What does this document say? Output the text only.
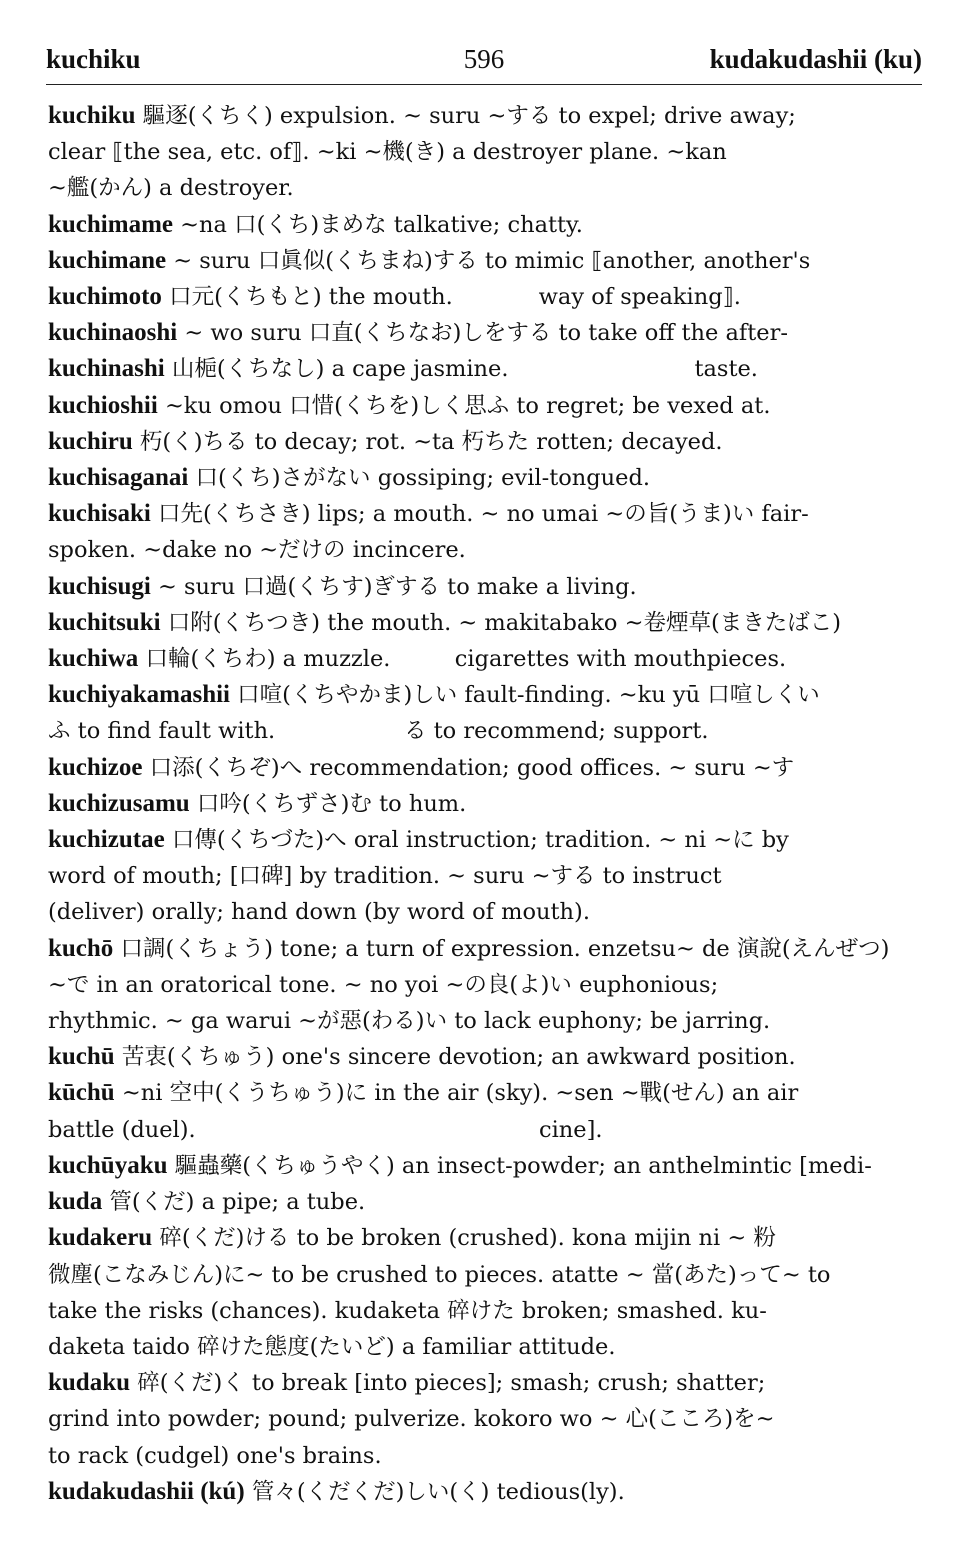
kuchiku	596	kudakudashii (ku)
kuchiku 驅逐(くちく) expulsion. ~ suru ~する to expel; drive away;
clear ⟦the sea, etc. of⟧. ~ki ~機(き) a destroyer plane. ~kan
~艦(かん) a destroyer.
kuchimame ~na 口(くち)まめな talkative; chatty.
kuchimane ~ suru 口眞似(くちまね)する to mimic ⟦another, another's
kuchimoto 口元(くちもと) the mouth.            way of speaking⟧.
kuchinaoshi ~ wo suru 口直(くちなお)しをする to take off the after-
kuchinashi 山梔(くちなし) a cape jasmine.                          taste.
kuchioshii ~ku omou 口惜(くちを)しく思ふ to regret; be vexed at.
kuchiru 朽(く)ちる to decay; rot. ~ta 朽ちた rotten; decayed.
kuchisaganai 口(くち)さがない gossiping; evil-tongued.
kuchisaki 口先(くちさき) lips; a mouth. ~ no umai ~の旨(うま)い fair-
spoken. ~dake no ~だけの incincere.
kuchisugi ~ suru 口過(くちす)ぎする to make a living.
kuchitsuki 口附(くちつき) the mouth. ~ makitabako ~卷煙草(まきたばこ)
kuchiwa 口輪(くちわ) a muzzle.         cigarettes with mouthpieces.
kuchiyakamashii 口喧(くちやかま)しい fault-finding. ~ku yū 口喧しくい
ふ to find fault with.                  る to recommend; support.
kuchizoe 口添(くちぞ)へ recommendation; good offices. ~ suru ~す
kuchizusamu 口吟(くちずさ)む to hum.
kuchizutae 口傳(くちづた)へ oral instruction; tradition. ~ ni ~に by
word of mouth; [口碑] by tradition. ~ suru ~する to instruct
(deliver) orally; hand down (by word of mouth).
kuchō 口調(くちょう) tone; a turn of expression. enzetsu~ de 演說(えんぜつ)
~で in an oratorical tone. ~ no yoi ~の良(よ)い euphonious;
rhythmic. ~ ga warui ~が惡(わる)い to lack euphony; be jarring.
kuchū 苦衷(くちゅう) one's sincere devotion; an awkward position.
kūchū ~ni 空中(くうちゅう)に in the air (sky). ~sen ~戰(せん) an air
battle (duel).                                                cine].
kuchūyaku 驅蟲藥(くちゅうやく) an insect-powder; an anthelmintic [medi-
kuda 管(くだ) a pipe; a tube.
kudakeru 碎(くだ)ける to be broken (crushed). kona mijin ni ~ 粉
微塵(こなみじん)に~ to be crushed to pieces. atatte ~ 當(あた)って~ to
take the risks (chances). kudaketa 碎けた broken; smashed. ku-
daketa taido 碎けた態度(たいど) a familiar attitude.
kudaku 碎(くだ)く to break [into pieces]; smash; crush; shatter;
grind into powder; pound; pulverize. kokoro wo ~ 心(こころ)を~
to rack (cudgel) one's brains.
kudakudashii (kú) 管々(くだくだ)しい(く) tedious(ly).
